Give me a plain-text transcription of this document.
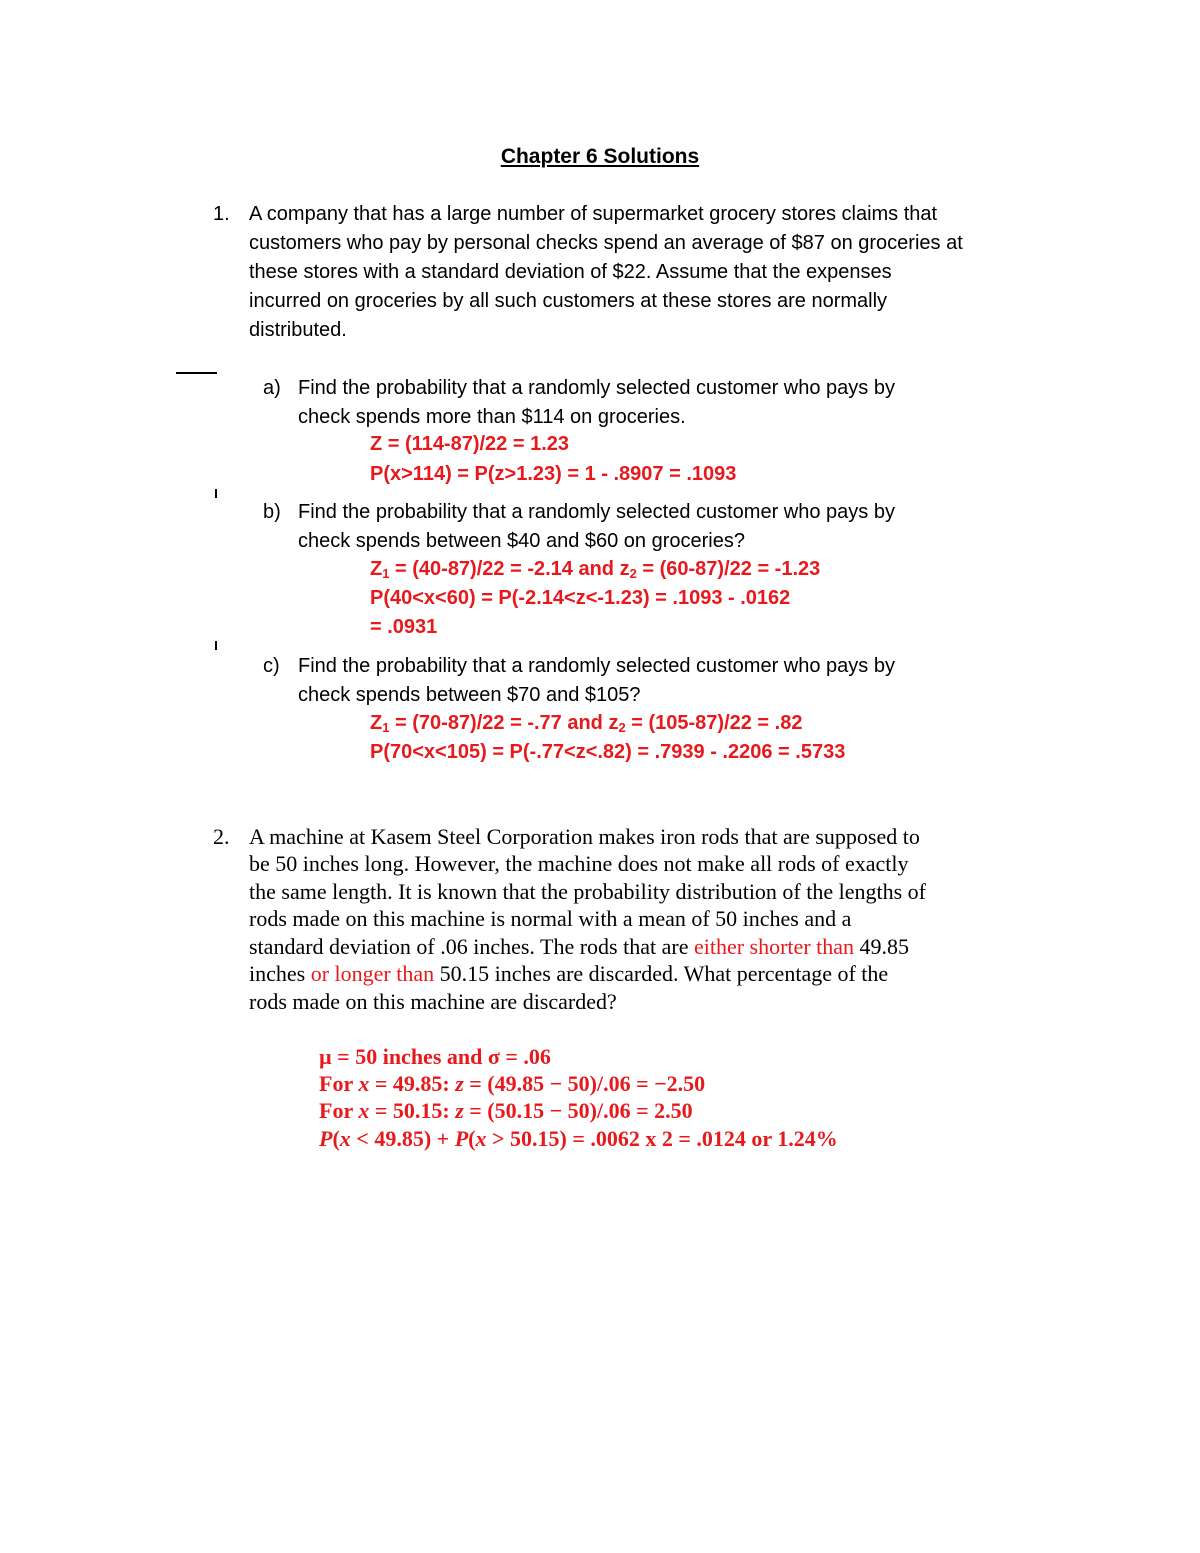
Chapter 6 Solutions
1. A company that has a large number of supermarket grocery stores claims that
customers who pay by personal checks spend an average of $87 on groceries at
these stores with a standard deviation of $22. Assume that the expenses
incurred on groceries by all such customers at these stores are normally
distributed.
a) Find the probability that a randomly selected customer who pays by
check spends more than $114 on groceries.
Z = (114-87)/22 = 1.23
P(x>114) = P(z>1.23) = 1 - .8907 = .1093
b) Find the probability that a randomly selected customer who pays by
check spends between $40 and $60 on groceries?
$Z_1 = (40-87)/22 = -2.14$ and $z_2 = (60-87)/22 = -1.23$
P(40<x<60) = P(-2.14<z<-1.23) = .1093 - .0162
= .0931
c) Find the probability that a randomly selected customer who pays by
check spends between $70 and $105?
$Z_1 = (70-87)/22 = -.77$ and $z_2 = (105-87)/22 = .82$
P(70<x<105) = P(-.77<z<.82) = .7939 - .2206 = .5733
2. A machine at Kasem Steel Corporation makes iron rods that are supposed to
be 50 inches long. However, the machine does not make all rods of exactly
the same length. It is known that the probability distribution of the lengths of
rods made on this machine is normal with a mean of 50 inches and a
standard deviation of .06 inches. The rods that are either shorter than 49.85
inches or longer than 50.15 inches are discarded. What percentage of the
rods made on this machine are discarded?
µ = 50 inches and σ = .06
For x = 49.85: z = (49.85 − 50)/.06 = −2.50
For x = 50.15: z = (50.15 − 50)/.06 = 2.50
P(x < 49.85) + P(x > 50.15) = .0062 x 2 = .0124 or 1.24%
